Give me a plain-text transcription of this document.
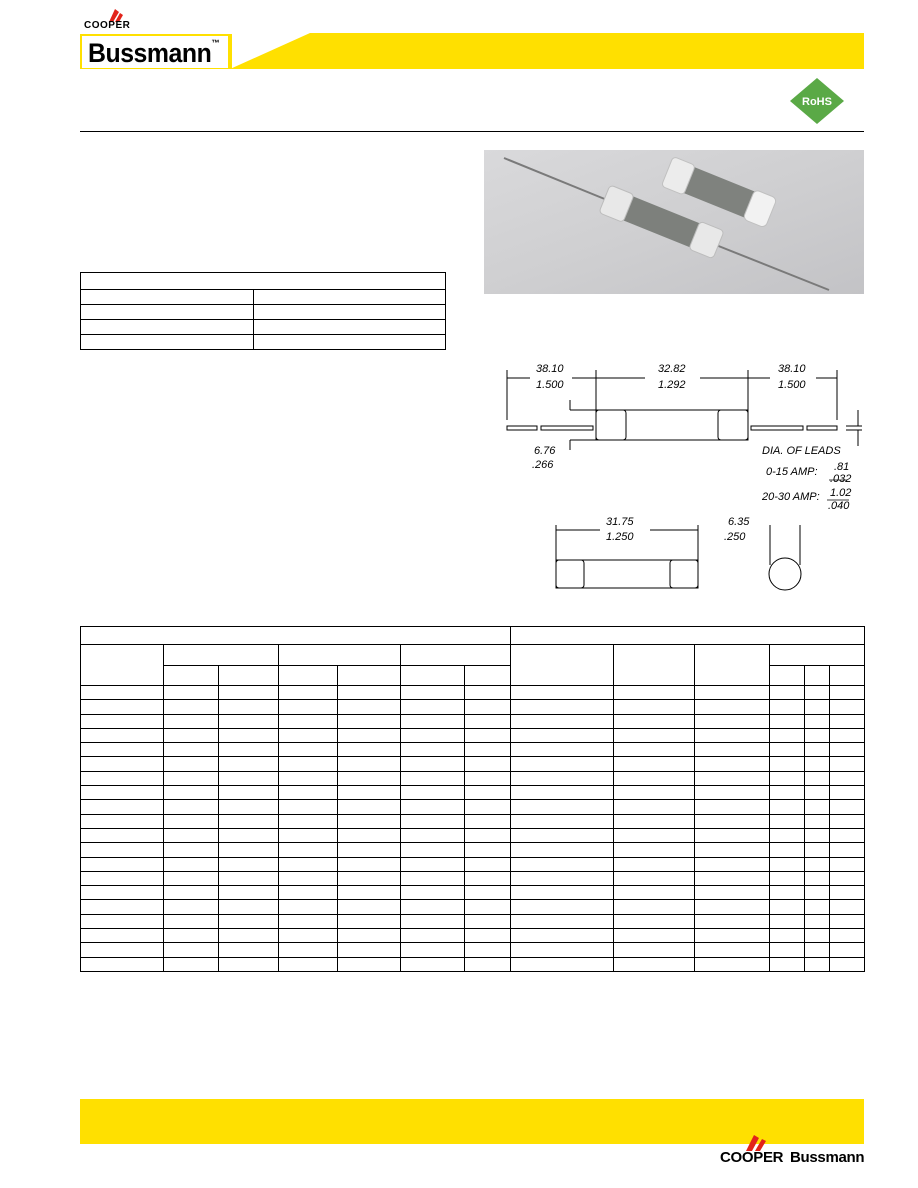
COOPER
Bussmann™
RoHS

38.10
1.500
32.82
1.292
38.10
1.500
6.76
.266
DIA. OF LEADS
0-15 AMP: .81
.032
20-30 AMP: 1.02
.040
31.75
1.250
6.35
.250

COOPER Bussmann
